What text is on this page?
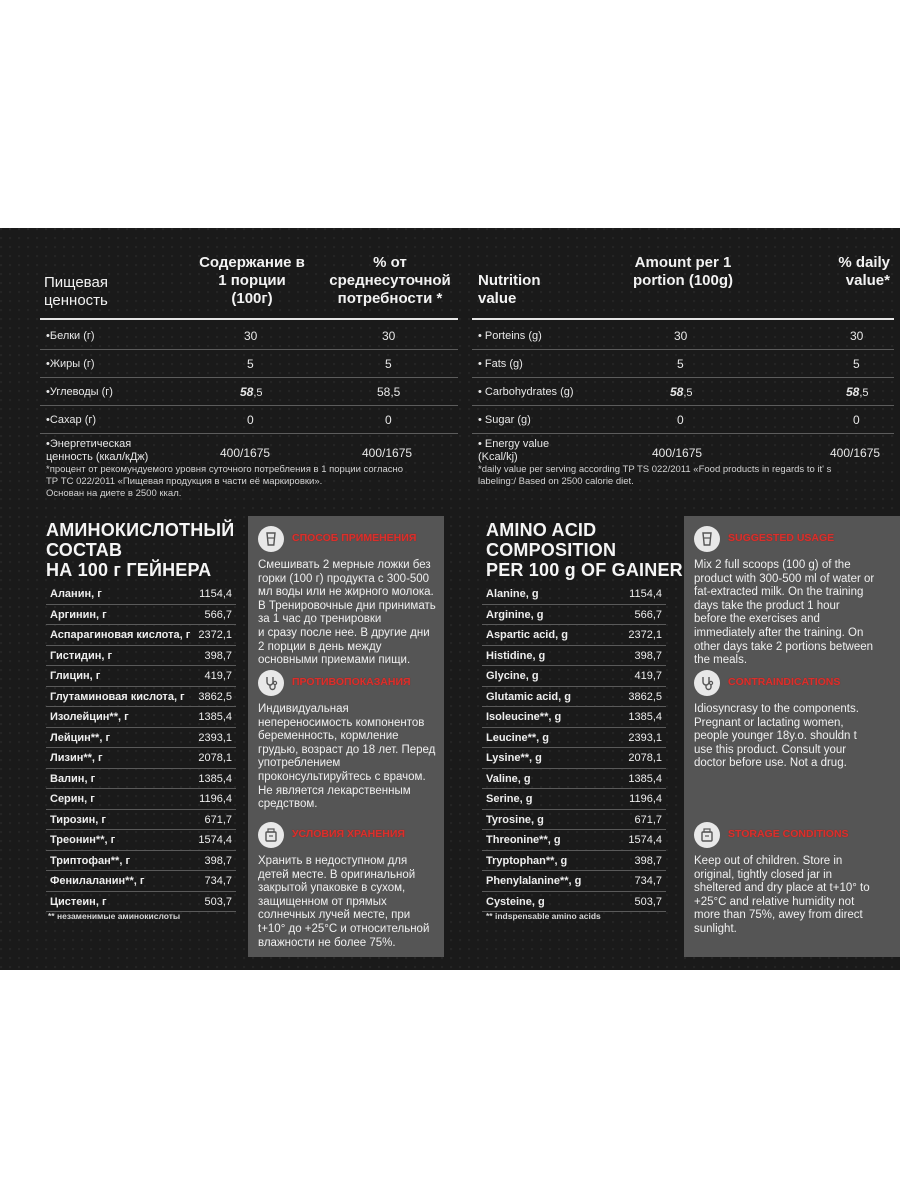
Пищевая ценность
Содержание в 1 порции (100г)
% от среднесуточной потребности *
•Белки (г)	30	30
•Жиры (г)	5	5
•Углеводы (г)	58,5	58,5
•Сахар (г)	0	0
•Энергетическая
ценность (ккал/кДж)	400/1675	400/1675
*процент от рекомундуемого уровня суточного потребления в 1 порции согласно
ТР ТС 022/2011 «Пищевая продукция в части её маркировки».
Основан на диете в 2500 ккал.
АМИНОКИСЛОТНЫЙ
СОСТАВ
НА 100 г ГЕЙНЕРА
Аланин, г	1154,4
Аргинин, г	566,7
Аспарагиновая кислота, г 2372,1
Гистидин, г	398,7
Глицин, г	419,7
Глутаминовая кислота, г 3862,5
Изолейцин**, г	1385,4
Лейцин**, г	2393,1
Лизин**, г	2078,1
Валин, г	1385,4
Серин, г	1196,4
Тирозин, г	671,7
Треонин**, г	1574,4
Триптофан**, г	398,7
Фенилаланин**, г	734,7
Цистеин, г	503,7
** незаменимые аминокислоты
СПОСОБ ПРИМЕНЕНИЯ
Смешивать 2 мерные ложки без
горки (100 г) продукта с 300-500
мл воды или не жирного молока.
В Тренировочные дни принимать
за 1 час до тренировки
и сразу после нее. В другие дни
2 порции в день между
основными приемами пищи.
ПРОТИВОПОКАЗАНИЯ
Индивидуальная
непереносимость компонентов
беременность, кормление
грудью, возраст до 18 лет. Перед
употреблением
проконсультируйтесь с врачом.
Не является лекарственным
средством.
УСЛОВИЯ ХРАНЕНИЯ
Хранить в недоступном для
детей месте. В оригинальной
закрытой упаковке в сухом,
защищенном от прямых
солнечных лучей месте, при
t+10° до +25°С и относительной
влажности не более 75%.
Nutrition value
Amount per 1 portion (100g)
% daily value*
• Porteins (g)	30	30
• Fats (g)	5	5
• Carbohydrates (g)	58,5	58,5
• Sugar (g)	0	0
• Energy value
(Kcal/kj)	400/1675	400/1675
*daily value per serving according TP TS 022/2011 «Food products in regards to it' s
labeling:/ Based on 2500 calorie diet.
AMINO ACID
COMPOSITION
PER 100 g OF GAINER
Alanine, g	1154,4
Arginine, g	566,7
Aspartic acid, g	2372,1
Histidine, g	398,7
Glycine, g	419,7
Glutamic acid, g	3862,5
Isoleucine**, g	1385,4
Leucine**, g	2393,1
Lysine**, g	2078,1
Valine, g	1385,4
Serine, g	1196,4
Tyrosine, g	671,7
Threonine**, g	1574,4
Tryptophan**, g	398,7
Phenylalanine**, g	734,7
Cysteine, g	503,7
** indspensable amino acids
SUGGESTED USAGE
Mix 2 full scoops (100 g) of the
product with 300-500 ml of water or
fat-extracted milk. On the training
days take the product 1 hour
before the exercises and
immediately after the training. On
other days take 2 portions between
the meals.
CONTRAINDICATIONS
Idiosyncrasy to the components.
Pregnant or lactating women,
people younger 18y.o. shouldn t
use this product. Consult your
doctor before use. Not a drug.
STORAGE CONDITIONS
Keep out of children. Store in
original, tightly closed jar in
sheltered and dry place at t+10° to
+25°C and relative humidity not
more than 75%, awey from direct
sunlight.
